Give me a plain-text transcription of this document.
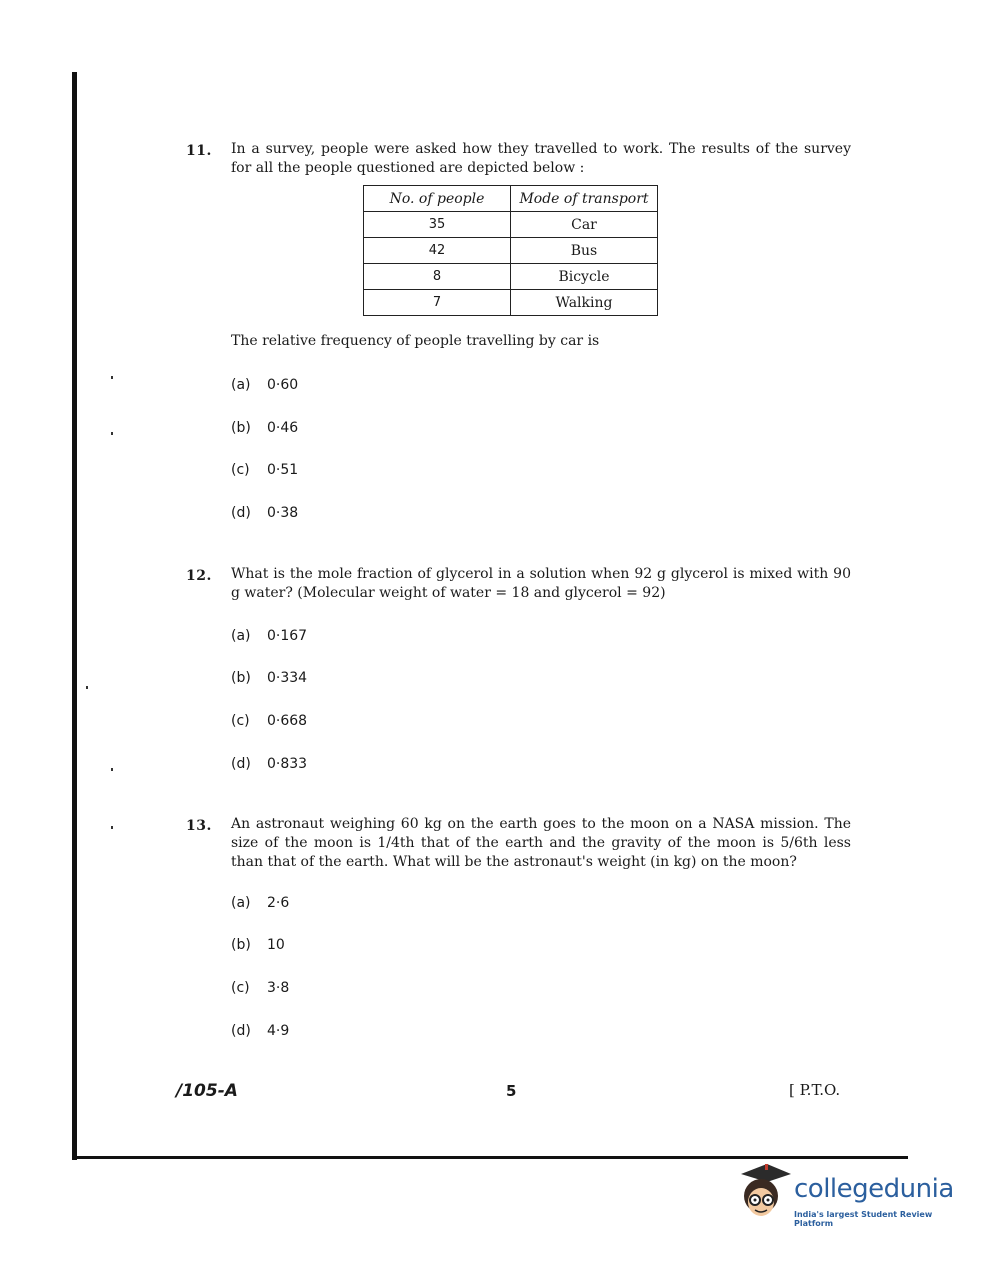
11. In a survey, people were asked how they travelled to work. The results of the survey for all the people questioned are depicted below :
No. of people	Mode of transport
35	Car
42	Bus
8	Bicycle
7	Walking
The relative frequency of people travelling by car is
(a) 0·60
(b) 0·46
(c) 0·51
(d) 0·38
12. What is the mole fraction of glycerol in a solution when 92 g glycerol is mixed with 90 g water? (Molecular weight of water = 18 and glycerol = 92)
(a) 0·167
(b) 0·334
(c) 0·668
(d) 0·833
13. An astronaut weighing 60 kg on the earth goes to the moon on a NASA mission. The size of the moon is 1/4th that of the earth and the gravity of the moon is 5/6th less than that of the earth. What will be the astronaut's weight (in kg) on the moon?
(a) 2·6
(b) 10
(c) 3·8
(d) 4·9
/105-A	5	[ P.T.O.
collegedunia
India's largest Student Review Platform
